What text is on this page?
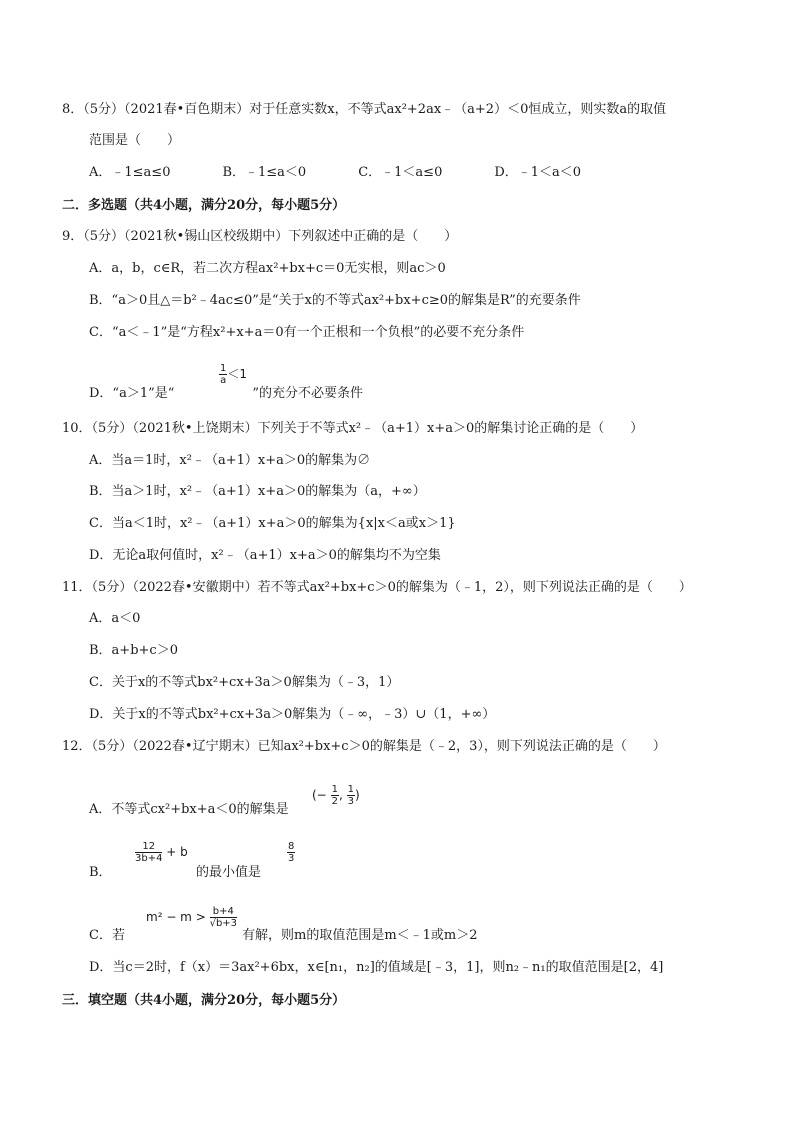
8．（5分）（2021春•百色期末）对于任意实数x，不等式ax²+2ax﹣（a+2）＜0恒成立，则实数a的取值
范围是（　　）
A．﹣1≤a≤0　　　　B．﹣1≤a＜0　　　　C．﹣1＜a≤0　　　　D．﹣1＜a＜0
二．多选题（共4小题，满分20分，每小题5分）
9．（5分）（2021秋•锡山区校级期中）下列叙述中正确的是（　　）
A．a，b，c∈R，若二次方程ax²+bx+c＝0无实根，则ac＞0
B．“a＞0且△＝b²﹣4ac≤0”是“关于x的不等式ax²+bx+c≥0的解集是R”的充要条件
C．“a＜﹣1”是“方程x²+x+a＝0有一个正根和一个负根”的必要不充分条件
D．“a＞1”是“	”的充分不必要条件
$\frac{1}{a} <1$
10．（5分）（2021秋•上饶期末）下列关于不等式x²﹣（a+1）x+a＞0的解集讨论正确的是（　　）
A．当a＝1时，x²﹣（a+1）x+a＞0的解集为∅
B．当a＞1时，x²﹣（a+1）x+a＞0的解集为（a，+∞）
C．当a＜1时，x²﹣（a+1）x+a＞0的解集为{x|x＜a或x＞1}
D．无论a取何值时，x²﹣（a+1）x+a＞0的解集均不为空集
11．（5分）（2022春•安徽期中）若不等式ax²+bx+c＞0的解集为（﹣1，2），则下列说法正确的是（　　）
A．a＜0
B．a+b+c＞0
C．关于x的不等式bx²+cx+3a＞0解集为（﹣3，1）
D．关于x的不等式bx²+cx+3a＞0解集为（﹣∞，﹣3）∪（1，+∞）
12．（5分）（2022春•辽宁期末）已知ax²+bx+c＞0的解集是（﹣2，3），则下列说法正确的是（　　）
A．不等式cx²+bx+a＜0的解集是
(− $\frac{1}{2}$ , $\frac{1}{3}$ )
B．
$\frac{12}{3b+4} + b$
的最小值是
$\frac{8}{3}$
C．若
$m^2 - m > \frac{b+4}{√b+3}$
有解，则m的取值范围是m＜﹣1或m＞2
D．当c＝2时，f（x）＝3ax²+6bx，x∈[n₁，n₂]的值域是[﹣3，1]，则n₂﹣n₁的取值范围是[2，4]
三．填空题（共4小题，满分20分，每小题5分）
